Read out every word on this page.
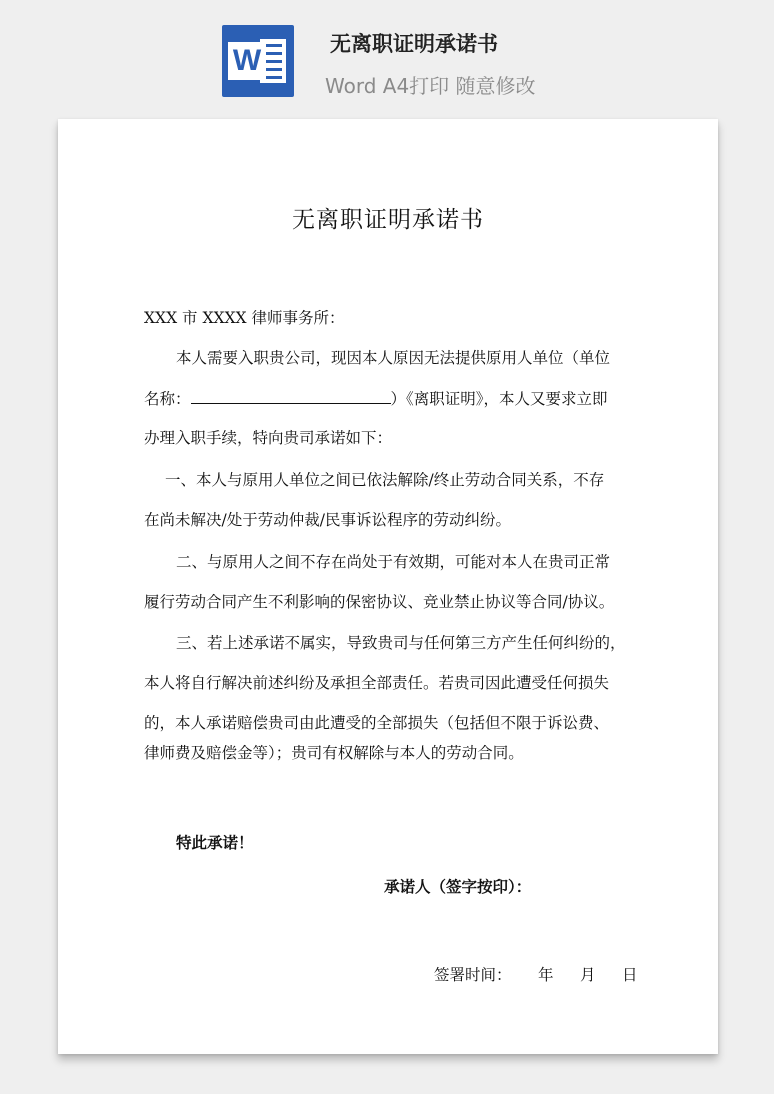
W	无离职证明承诺书
Word A4打印 随意修改
无离职证明承诺书
XXX 市 XXXX 律师事务所：
本人需要入职贵公司，现因本人原因无法提供原用人单位（单位
名称：	）《离职证明》，本人又要求立即
办理入职手续，特向贵司承诺如下：
一、本人与原用人单位之间已依法解除/终止劳动合同关系，不存
在尚未解决/处于劳动仲裁/民事诉讼程序的劳动纠纷。
二、与原用人之间不存在尚处于有效期，可能对本人在贵司正常
履行劳动合同产生不利影响的保密协议、竞业禁止协议等合同/协议。
三、若上述承诺不属实，导致贵司与任何第三方产生任何纠纷的，
本人将自行解决前述纠纷及承担全部责任。若贵司因此遭受任何损失
的，本人承诺赔偿贵司由此遭受的全部损失（包括但不限于诉讼费、
律师费及赔偿金等）；贵司有权解除与本人的劳动合同。
特此承诺！
承诺人（签字按印）：
签署时间： 年 月 日
